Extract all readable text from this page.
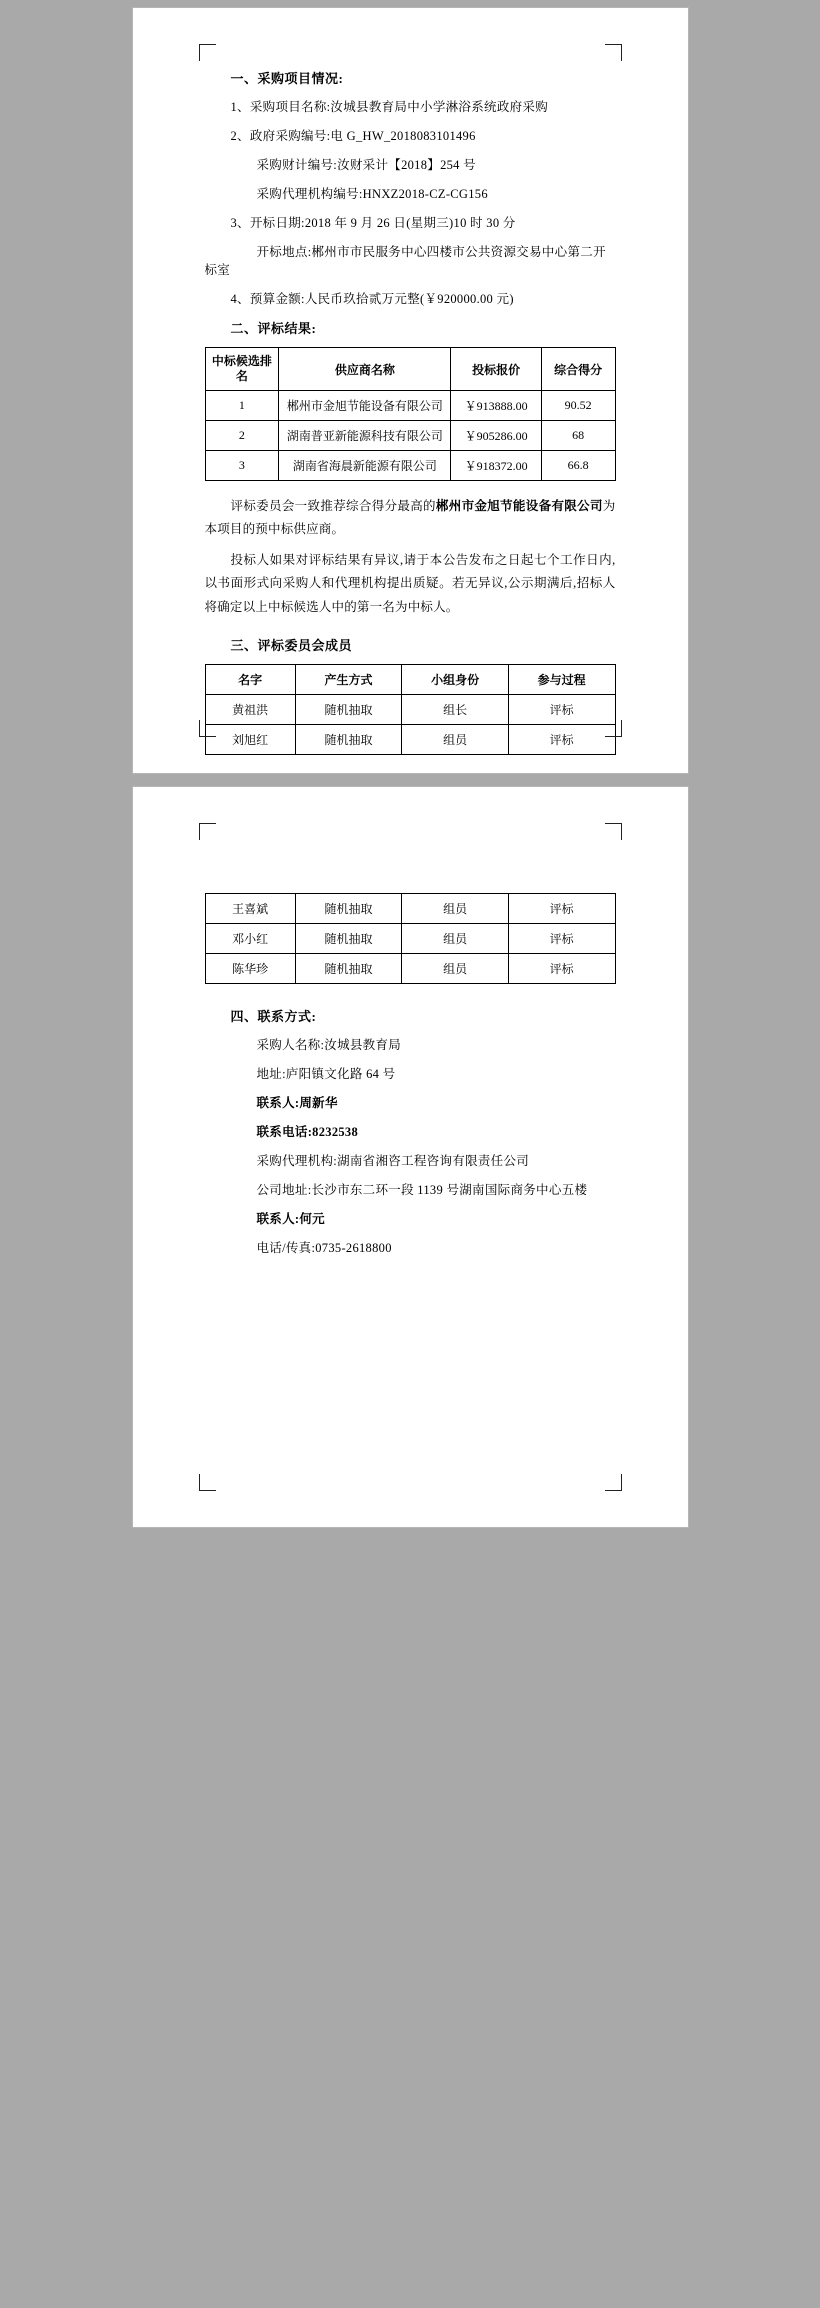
一、采购项目情况:
1、采购项目名称:汝城县教育局中小学淋浴系统政府采购
2、政府采购编号:电 G_HW_2018083101496
采购财计编号:汝财采计【2018】254 号
采购代理机构编号:HNXZ2018-CZ-CG156
3、开标日期:2018 年 9 月 26 日(星期三)10 时 30 分
开标地点:郴州市市民服务中心四楼市公共资源交易中心第二开标室
4、预算金额:人民币玖拾贰万元整(￥920000.00 元)
二、评标结果:
中标候选排名	供应商名称	投标报价	综合得分
1	郴州市金旭节能设备有限公司	￥913888.00	90.52
2	湖南普亚新能源科技有限公司	￥905286.00	68
3	湖南省海晨新能源有限公司	￥918372.00	66.8

评标委员会一致推荐综合得分最高的郴州市金旭节能设备有限公司为本项目的预中标供应商。

投标人如果对评标结果有异议,请于本公告发布之日起七个工作日内,以书面形式向采购人和代理机构提出质疑。若无异议,公示期满后,招标人将确定以上中标候选人中的第一名为中标人。

三、评标委员会成员
名字	产生方式	小组身份	参与过程
黄祖洪	随机抽取	组长	评标
刘旭红	随机抽取	组员	评标
王喜斌	随机抽取	组员	评标
邓小红	随机抽取	组员	评标
陈华珍	随机抽取	组员	评标
四、联系方式:
采购人名称:汝城县教育局
地址:庐阳镇文化路 64 号
联系人:周新华
联系电话:8232538
采购代理机构:湖南省湘咨工程咨询有限责任公司
公司地址:长沙市东二环一段 1139 号湖南国际商务中心五楼
联系人:何元
电话/传真:0735-2618800
